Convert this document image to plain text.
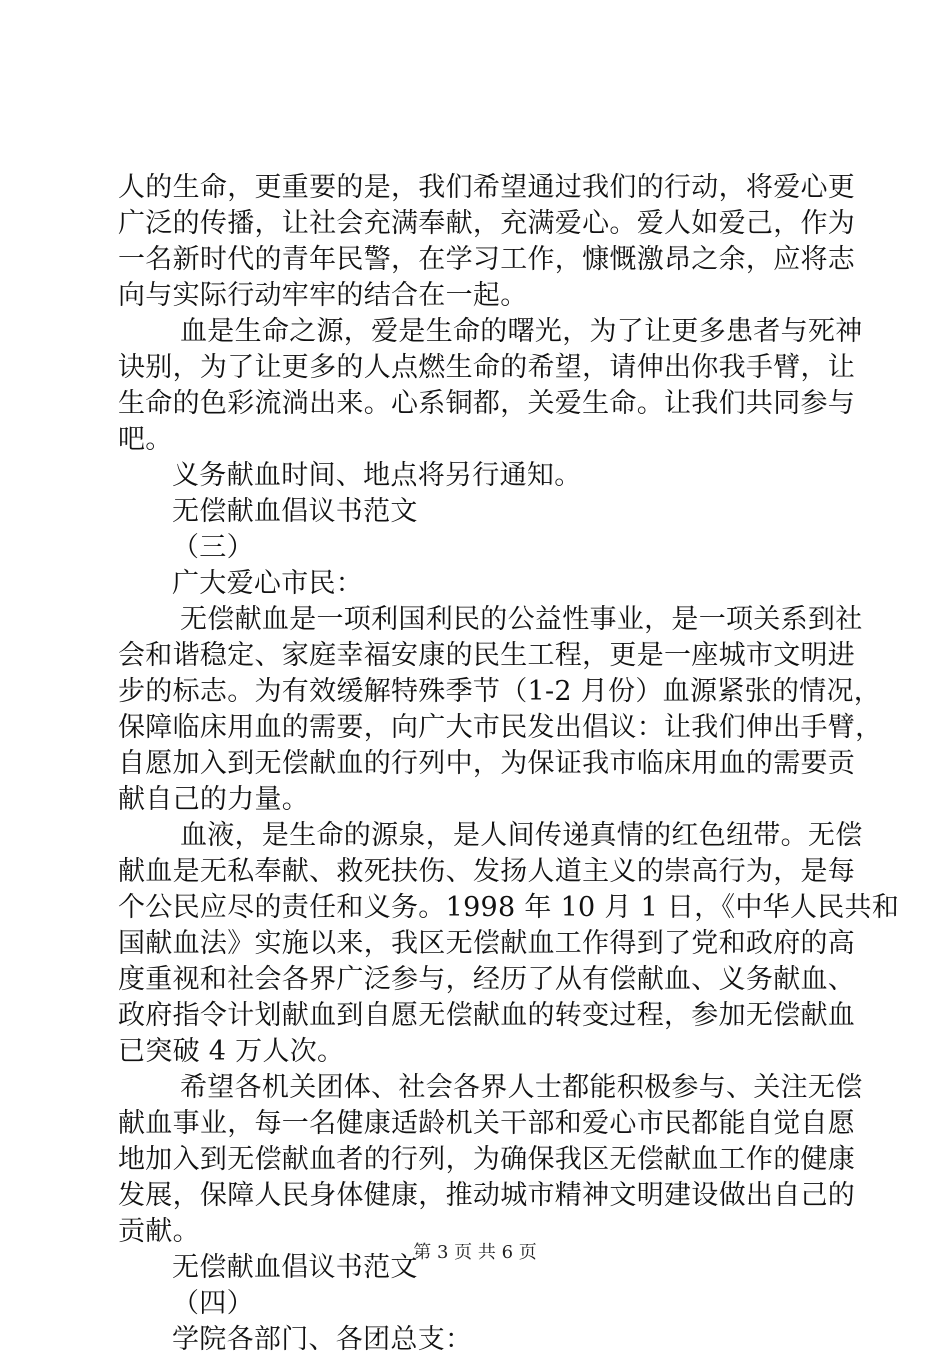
人的生命，更重要的是，我们希望通过我们的行动，将爱心更
广泛的传播，让社会充满奉献，充满爱心。爱人如爱己，作为
一名新时代的青年民警，在学习工作，慷慨激昂之余，应将志
向与实际行动牢牢的结合在一起。
血是生命之源，爱是生命的曙光，为了让更多患者与死神
诀别，为了让更多的人点燃生命的希望，请伸出你我手臂，让
生命的色彩流淌出来。心系铜都，关爱生命。让我们共同参与
吧。
义务献血时间、地点将另行通知。
无偿献血倡议书范文
（三）
广大爱心市民：
无偿献血是一项利国利民的公益性事业，是一项关系到社
会和谐稳定、家庭幸福安康的民生工程，更是一座城市文明进
步的标志。为有效缓解特殊季节（1-2 月份）血源紧张的情况，
保障临床用血的需要，向广大市民发出倡议：让我们伸出手臂，
自愿加入到无偿献血的行列中，为保证我市临床用血的需要贡
献自己的力量。
血液，是生命的源泉，是人间传递真情的红色纽带。无偿
献血是无私奉献、救死扶伤、发扬人道主义的崇高行为，是每
个公民应尽的责任和义务。1998 年 10 月 1 日，《中华人民共和
国献血法》实施以来，我区无偿献血工作得到了党和政府的高
度重视和社会各界广泛参与，经历了从有偿献血、义务献血、
政府指令计划献血到自愿无偿献血的转变过程，参加无偿献血
已突破 4 万人次。
希望各机关团体、社会各界人士都能积极参与、关注无偿
献血事业，每一名健康适龄机关干部和爱心市民都能自觉自愿
地加入到无偿献血者的行列，为确保我区无偿献血工作的健康
发展，保障人民身体健康，推动城市精神文明建设做出自己的
贡献。
无偿献血倡议书范文
（四）
学院各部门、各团总支：
第 3 页 共 6 页
